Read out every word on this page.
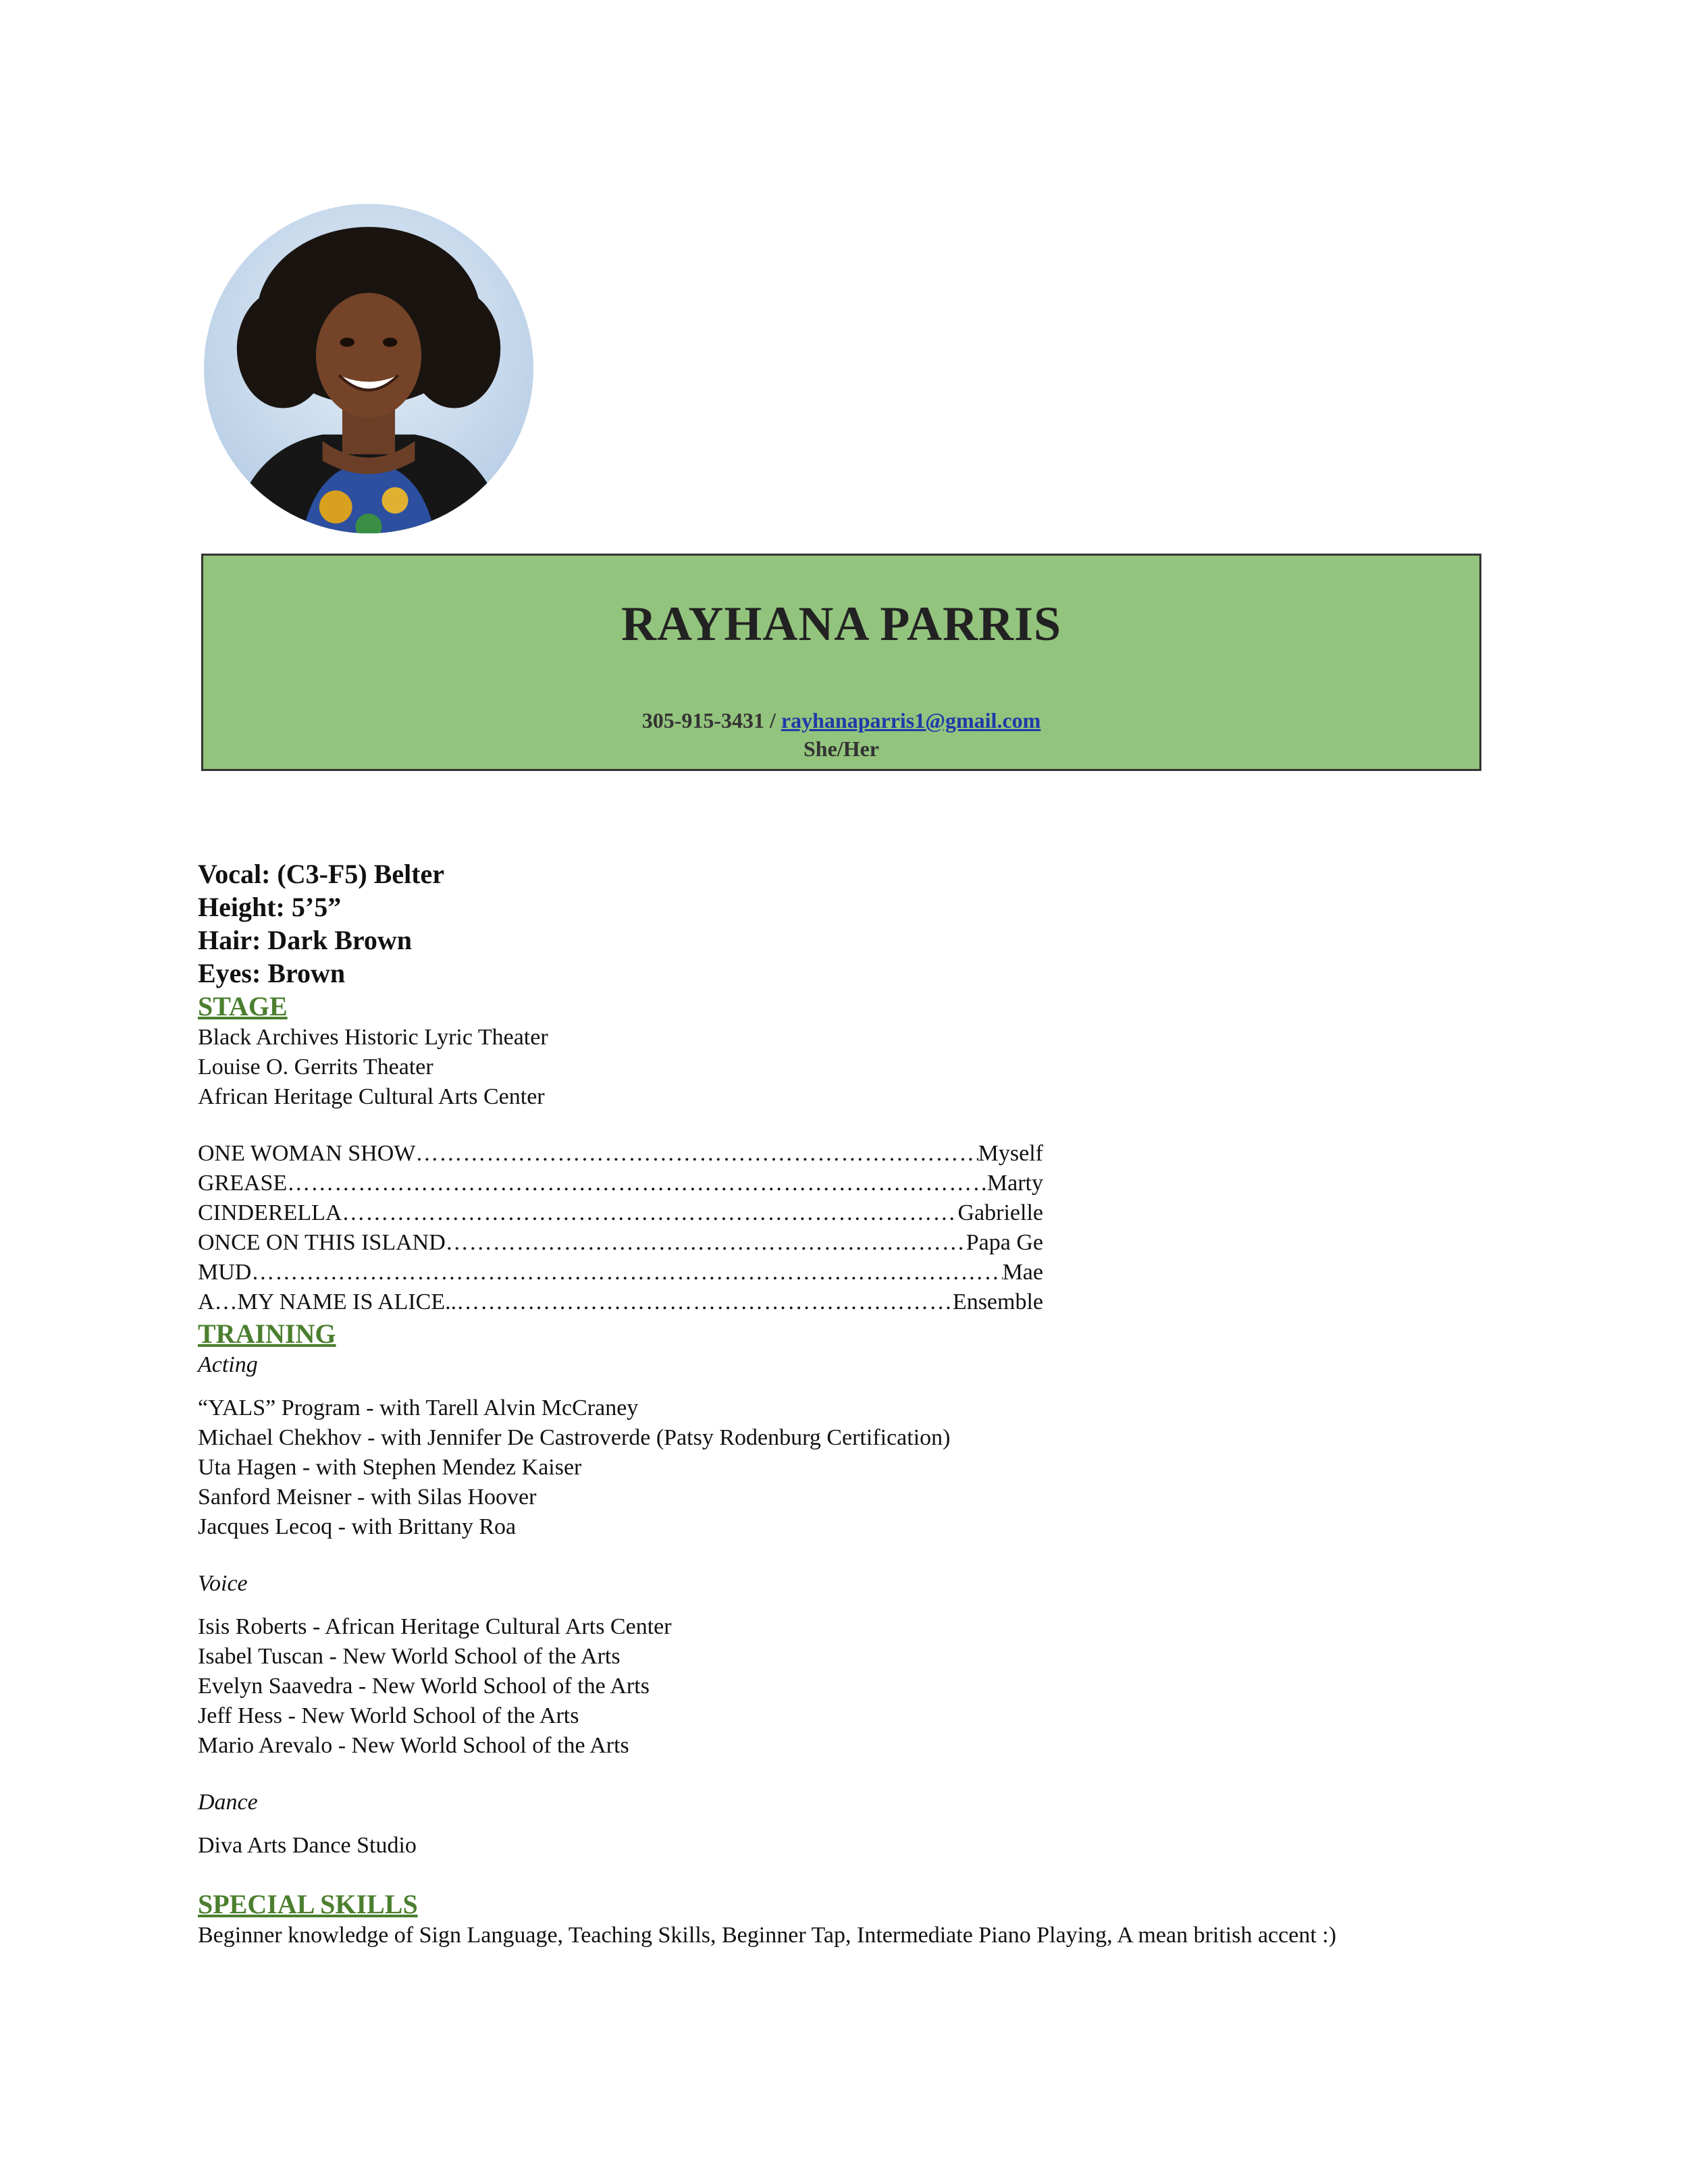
RAYHANA PARRIS
305-915-3431 / rayhanaparris1@gmail.com
She/Her
Vocal: (C3-F5) Belter
Height: 5’5”
Hair: Dark Brown
Eyes: Brown
STAGE
Black Archives Historic Lyric Theater
Louise O. Gerrits Theater
African Heritage Cultural Arts Center
ONE WOMAN SHOW ……………………………………………………………………………………………………………………………………	Myself
GREASE ……………………………………………………………………………………………………………………………………	Marty
CINDERELLA ……………………………………………………………………………………………………………………………………	Gabrielle
ONCE ON THIS ISLAND ……………………………………………………………………………………………………………………………………	Papa Ge
MUD ……………………………………………………………………………………………………………………………………	Mae
A…MY NAME IS ALICE.. ……………………………………………………………………………………………………………………………………	Ensemble
TRAINING
Acting
“YALS” Program - with Tarell Alvin McCraney
Michael Chekhov - with Jennifer De Castroverde (Patsy Rodenburg Certification)
Uta Hagen - with Stephen Mendez Kaiser
Sanford Meisner - with Silas Hoover
Jacques Lecoq - with Brittany Roa
Voice
Isis Roberts - African Heritage Cultural Arts Center
Isabel Tuscan - New World School of the Arts
Evelyn Saavedra - New World School of the Arts
Jeff Hess - New World School of the Arts
Mario Arevalo - New World School of the Arts
Dance
Diva Arts Dance Studio
SPECIAL SKILLS
Beginner knowledge of Sign Language, Teaching Skills, Beginner Tap, Intermediate Piano Playing, A mean british accent :)
